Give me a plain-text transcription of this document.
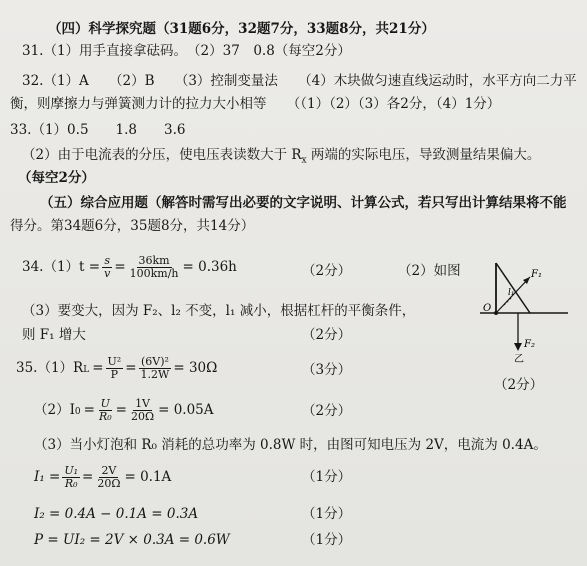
（四）科学探究题（31题6分，32题7分，33题8分，共21分）
31.（1）用手直接拿砝码。　（2）37　0.8（每空2分）
32.（1）A　　（2）B　　（3）控制变量法　　（4）木块做匀速直线运动时，水平方向二力平
衡，则摩擦力与弹簧测力计的拉力大小相等　　（（1）（2）（3）各2分，（4）1分）
33.（1）0.5　　1.8　　3.6
（2）由于电流表的分压，使电压表读数大于 $R_x$ 两端的实际电压，导致测量结果偏大。
（每空2分）
（五）综合应用题（解答时需写出必要的文字说明、计算公式，若只写出计算结果将不能
得分。第34题6分，35题8分，共14分）
$34.(1)t = \frac{s}{v} = \frac{36km}{100km/h} = 0.36h$	（2分）	（2）如图
（3）要变大，因为 F₂、l₂ 不变，l₁ 减小，根据杠杆的平衡条件，
则 F₁ 增大	（2分）
O
F₁
l₁
F₂
乙
（2分）
35.（1）R $L = \frac{\text{U²}}{P} = \frac{\text{(6V)²}}{1.2W} = 30\Omega$	（3分）
（2）I $0 = \frac{U}{\text{R₀}} = \frac{1V}{20\Omega} = 0.05A$	（2分）
（3）当小灯泡和 R₀ 消耗的总功率为 0.8W 时，由图可知电压为 2V，电流为 0.4A。
$I_1 = \frac{\text{U₁}}{\text{R₀}} = \frac{2V}{20\Omega} = 0.1A$	（1分）
I₂ = 0.4A − 0.1A = 0.3A	（1分）
P = UI₂ = 2V × 0.3A = 0.6W	（1分）
